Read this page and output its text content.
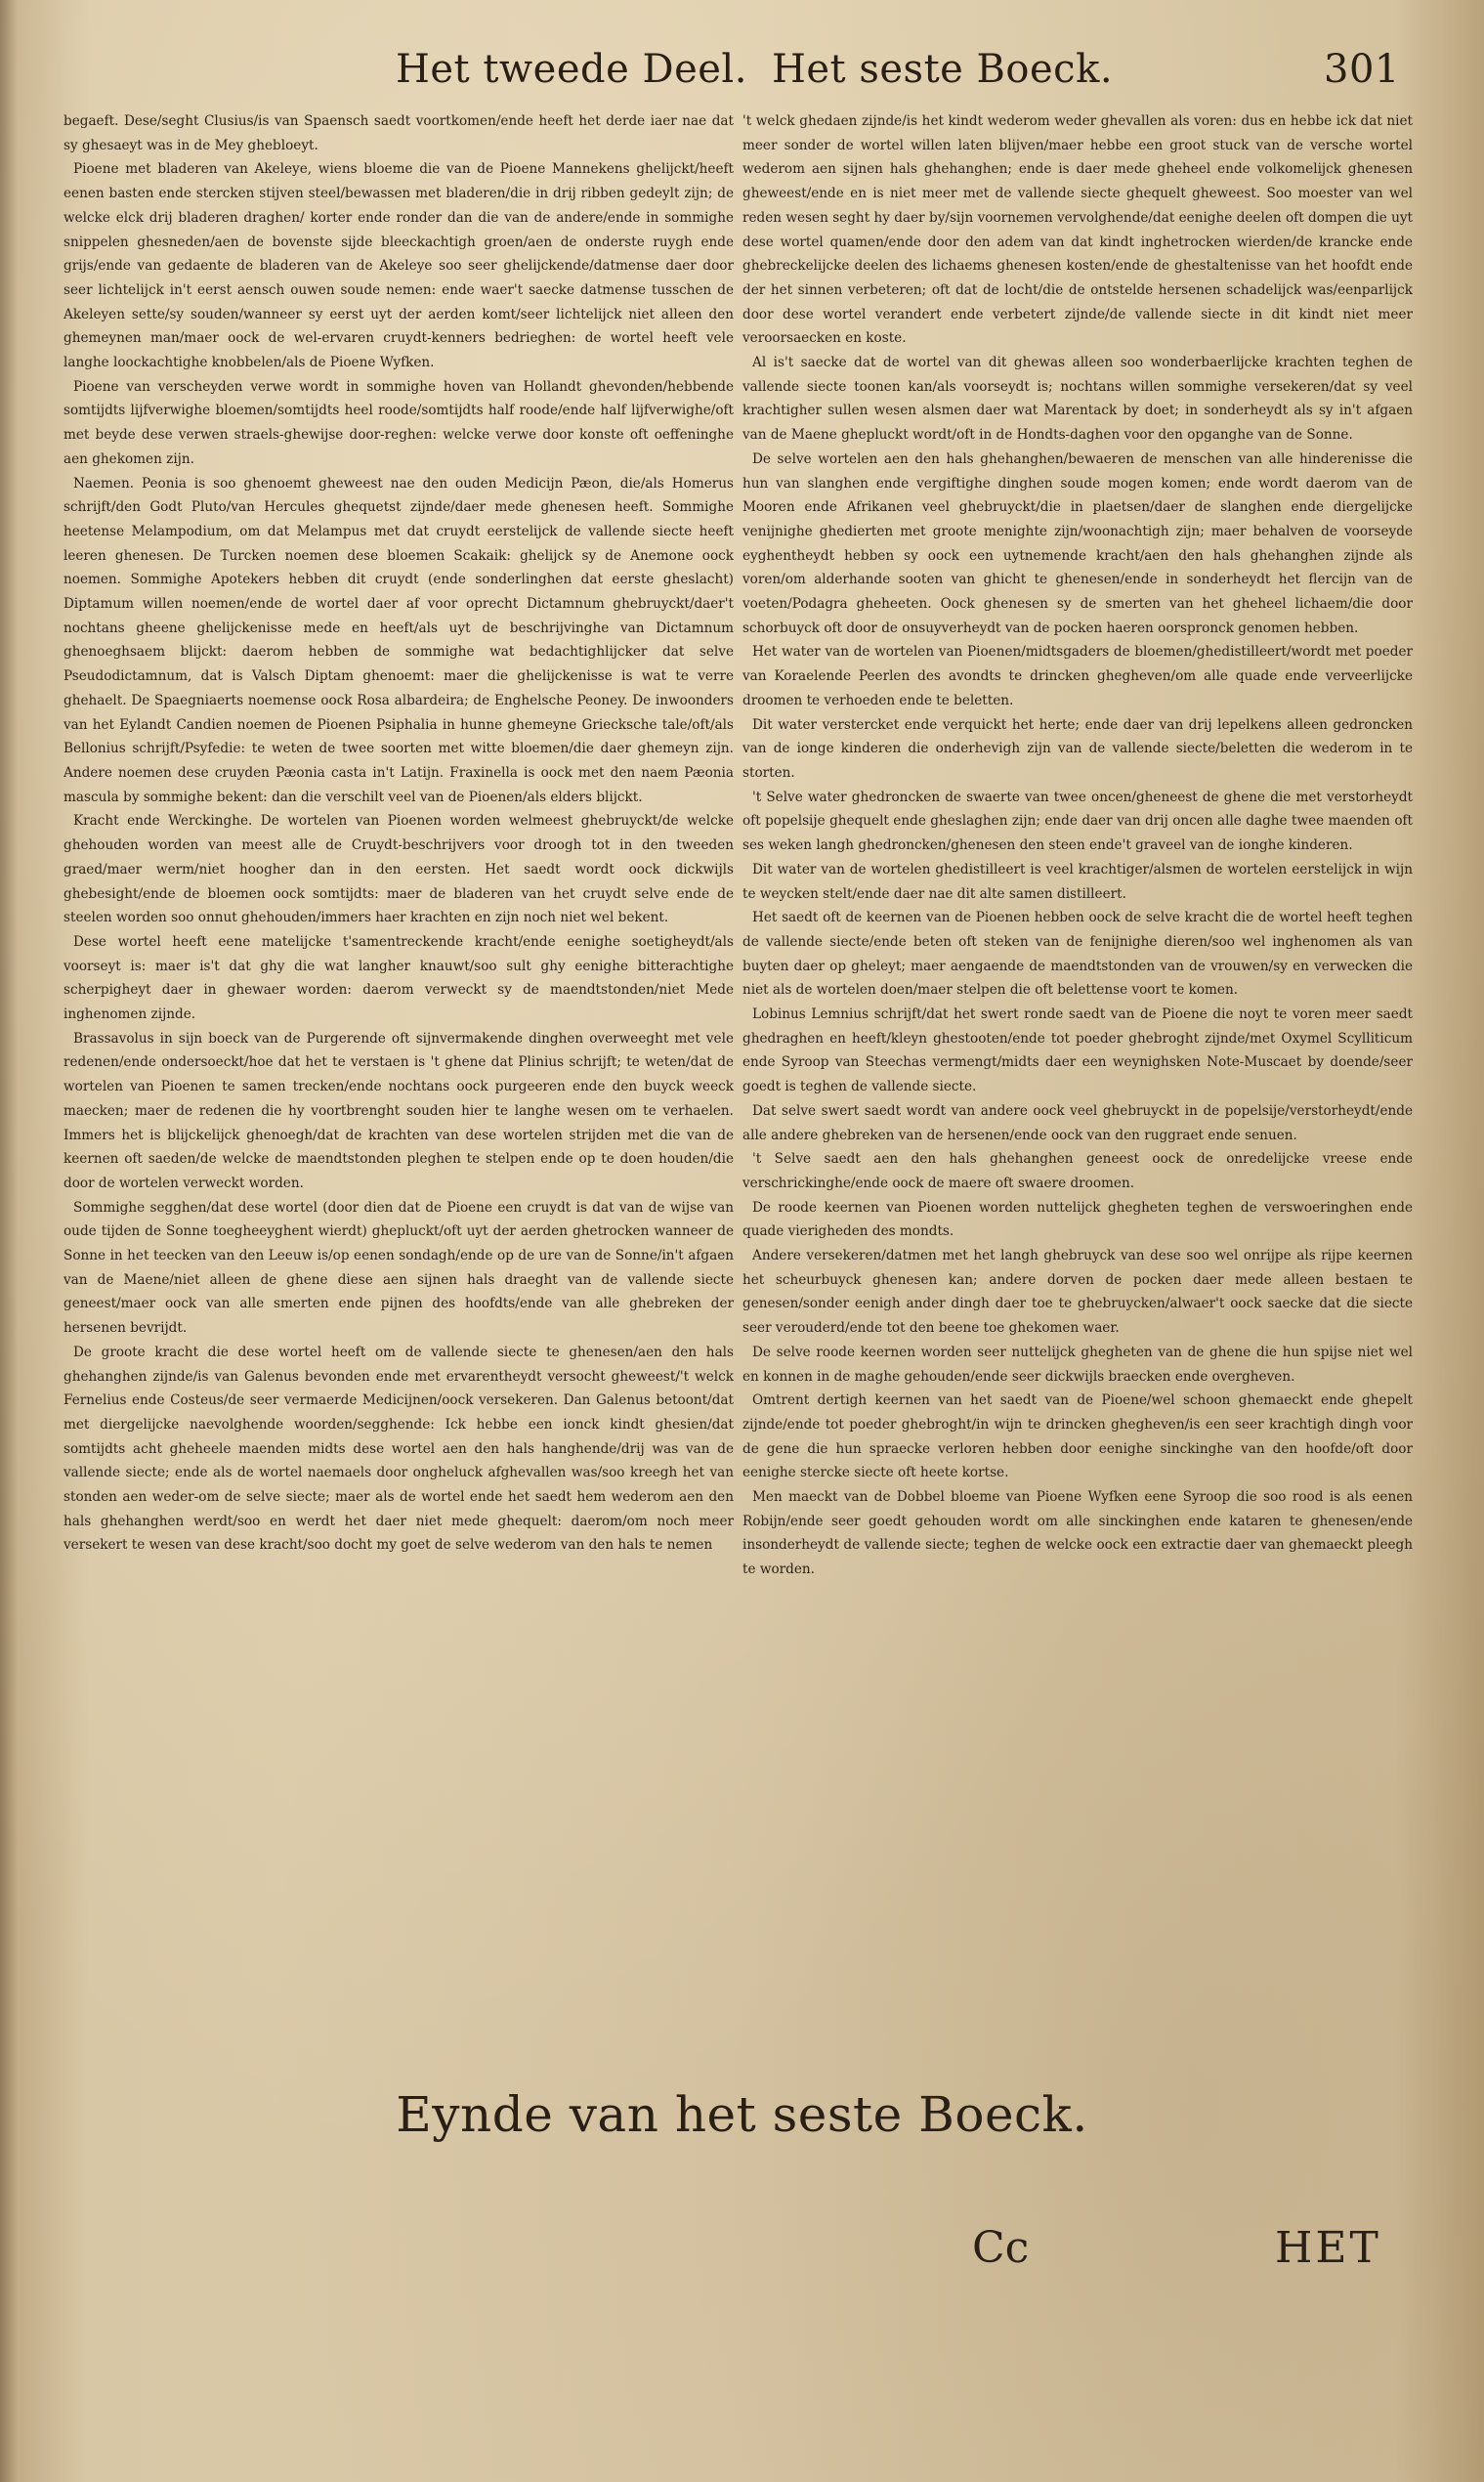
Het tweede Deel. Het seste Boeck.	301

begaeft. Dese/seght Clusius/is van Spaensch saedt voortkomen/ende heeft het derde iaer nae dat sy ghesaeyt was in de Mey ghebloeyt.

Pioene met bladeren van Akeleye, wiens bloeme die van de Pioene Mannekens ghelijckt/heeft eenen basten ende stercken stijven steel/bewassen met bladeren/die in drij ribben gedeylt zijn; de welcke elck drij bladeren draghen/ korter ende ronder dan die van de andere/ende in sommighe snippelen ghesneden/aen de bovenste sijde bleeckachtigh groen/aen de onderste ruygh ende grijs/ende van gedaente de bladeren van de Akeleye soo seer ghelijckende/datmense daer door seer lichtelijck in't eerst aensch ouwen soude nemen: ende waer't saecke datmense tusschen de Akeleyen sette/sy souden/wanneer sy eerst uyt der aerden komt/seer lichtelijck niet alleen den ghemeynen man/maer oock de wel-ervaren cruydt-kenners bedrieghen: de wortel heeft vele langhe loockachtighe knobbelen/als de Pioene Wyfken.

Pioene van verscheyden verwe wordt in sommighe hoven van Hollandt ghevonden/hebbende somtijdts lijfverwighe bloemen/somtijdts heel roode/somtijdts half roode/ende half lijfverwighe/oft met beyde dese verwen straels-ghewijse door-reghen: welcke verwe door konste oft oeffeninghe aen ghekomen zijn.

Naemen. Peonia is soo ghenoemt gheweest nae den ouden Medicijn Pæon, die/als Homerus schrijft/den Godt Pluto/van Hercules ghequetst zijnde/daer mede ghenesen heeft. Sommighe heetense Melampodium, om dat Melampus met dat cruydt eerstelijck de vallende siecte heeft leeren ghenesen. De Turcken noemen dese bloemen Scakaik: ghelijck sy de Anemone oock noemen. Sommighe Apotekers hebben dit cruydt (ende sonderlinghen dat eerste gheslacht) Diptamum willen noemen/ende de wortel daer af voor oprecht Dictamnum ghebruyckt/daer't nochtans gheene ghelijckenisse mede en heeft/als uyt de beschrijvinghe van Dictamnum ghenoeghsaem blijckt: daerom hebben de sommighe wat bedachtighlijcker dat selve Pseudodictamnum, dat is Valsch Diptam ghenoemt: maer die ghelijckenisse is wat te verre ghehaelt. De Spaegniaerts noemense oock Rosa albardeira; de Enghelsche Peoney. De inwoonders van het Eylandt Candien noemen de Pioenen Psiphalia in hunne ghemeyne Griecksche tale/oft/als Bellonius schrijft/Psyfedie: te weten de twee soorten met witte bloemen/die daer ghemeyn zijn. Andere noemen dese cruyden Pæonia casta in't Latijn. Fraxinella is oock met den naem Pæonia mascula by sommighe bekent: dan die verschilt veel van de Pioenen/als elders blijckt.

Kracht ende Werckinghe. De wortelen van Pioenen worden welmeest ghebruyckt/de welcke ghehouden worden van meest alle de Cruydt-beschrijvers voor droogh tot in den tweeden graed/maer werm/niet hoogher dan in den eersten. Het saedt wordt oock dickwijls ghebesight/ende de bloemen oock somtijdts: maer de bladeren van het cruydt selve ende de steelen worden soo onnut ghehouden/immers haer krachten en zijn noch niet wel bekent.

Dese wortel heeft eene matelijcke t'samentreckende kracht/ende eenighe soetigheydt/als voorseyt is: maer is't dat ghy die wat langher knauwt/soo sult ghy eenighe bitterachtighe scherpigheyt daer in ghewaer worden: daerom verweckt sy de maendtstonden/niet Mede inghenomen zijnde.

Brassavolus in sijn boeck van de Purgerende oft sijnvermakende dinghen overweeght met vele redenen/ende ondersoeckt/hoe dat het te verstaen is 't ghene dat Plinius schrijft; te weten/dat de wortelen van Pioenen te samen trecken/ende nochtans oock purgeeren ende den buyck weeck maecken; maer de redenen die hy voortbrenght souden hier te langhe wesen om te verhaelen. Immers het is blijckelijck ghenoegh/dat de krachten van dese wortelen strijden met die van de keernen oft saeden/de welcke de maendtstonden pleghen te stelpen ende op te doen houden/die door de wortelen verweckt worden.

Sommighe segghen/dat dese wortel (door dien dat de Pioene een cruydt is dat van de wijse van oude tijden de Sonne toegheeyghent wierdt) ghepluckt/oft uyt der aerden ghetrocken wanneer de Sonne in het teecken van den Leeuw is/op eenen sondagh/ende op de ure van de Sonne/in't afgaen van de Maene/niet alleen de ghene diese aen sijnen hals draeght van de vallende siecte geneest/maer oock van alle smerten ende pijnen des hoofdts/ende van alle ghebreken der hersenen bevrijdt.

De groote kracht die dese wortel heeft om de vallende siecte te ghenesen/aen den hals ghehanghen zijnde/is van Galenus bevonden ende met ervarentheydt versocht gheweest/'t welck Fernelius ende Costeus/de seer vermaerde Medicijnen/oock versekeren. Dan Galenus betoont/dat met diergelijcke naevolghende woorden/segghende: Ick hebbe een ionck kindt ghesien/dat somtijdts acht gheheele maenden midts dese wortel aen den hals hanghende/drij was van de vallende siecte; ende als de wortel naemaels door ongheluck afghevallen was/soo kreegh het van stonden aen weder-om de selve siecte; maer als de wortel ende het saedt hem wederom aen den hals ghehanghen werdt/soo en werdt het daer niet mede ghequelt: daerom/om noch meer versekert te wesen van dese kracht/soo docht my goet de selve wederom van den hals te nemen

't welck ghedaen zijnde/is het kindt wederom weder ghevallen als voren: dus en hebbe ick dat niet meer sonder de wortel willen laten blijven/maer hebbe een groot stuck van de versche wortel wederom aen sijnen hals ghehanghen; ende is daer mede gheheel ende volkomelijck ghenesen gheweest/ende en is niet meer met de vallende siecte ghequelt gheweest. Soo moester van wel reden wesen seght hy daer by/sijn voornemen vervolghende/dat eenighe deelen oft dompen die uyt dese wortel quamen/ende door den adem van dat kindt inghetrocken wierden/de krancke ende ghebreckelijcke deelen des lichaems ghenesen kosten/ende de ghestaltenisse van het hoofdt ende der het sinnen verbeteren; oft dat de locht/die de ontstelde hersenen schadelijck was/eenparlijck door dese wortel verandert ende verbetert zijnde/de vallende siecte in dit kindt niet meer veroorsaecken en koste.

Al is't saecke dat de wortel van dit ghewas alleen soo wonderbaerlijcke krachten teghen de vallende siecte toonen kan/als voorseydt is; nochtans willen sommighe versekeren/dat sy veel krachtigher sullen wesen alsmen daer wat Marentack by doet; in sonderheydt als sy in't afgaen van de Maene ghepluckt wordt/oft in de Hondts-daghen voor den opganghe van de Sonne.

De selve wortelen aen den hals ghehanghen/bewaeren de menschen van alle hinderenisse die hun van slanghen ende vergiftighe dinghen soude mogen komen; ende wordt daerom van de Mooren ende Afrikanen veel ghebruyckt/die in plaetsen/daer de slanghen ende diergelijcke venijnighe ghedierten met groote menighte zijn/woonachtigh zijn; maer behalven de voorseyde eyghentheydt hebben sy oock een uytnemende kracht/aen den hals ghehanghen zijnde als voren/om alderhande sooten van ghicht te ghenesen/ende in sonderheydt het flercijn van de voeten/Podagra gheheeten. Oock ghenesen sy de smerten van het gheheel lichaem/die door schorbuyck oft door de onsuyverheydt van de pocken haeren oorspronck genomen hebben.

Het water van de wortelen van Pioenen/midtsgaders de bloemen/ghedistilleert/wordt met poeder van Koraelende Peerlen des avondts te drincken ghegheven/om alle quade ende verveerlijcke droomen te verhoeden ende te beletten.

Dit water verstercket ende verquickt het herte; ende daer van drij lepelkens alleen gedroncken van de ionge kinderen die onderhevigh zijn van de vallende siecte/beletten die wederom in te storten.

't Selve water ghedroncken de swaerte van twee oncen/gheneest de ghene die met verstorheydt oft popelsije ghequelt ende gheslaghen zijn; ende daer van drij oncen alle daghe twee maenden oft ses weken langh ghedroncken/ghenesen den steen ende't graveel van de ionghe kinderen.

Dit water van de wortelen ghedistilleert is veel krachtiger/alsmen de wortelen eerstelijck in wijn te weycken stelt/ende daer nae dit alte samen distilleert.

Het saedt oft de keernen van de Pioenen hebben oock de selve kracht die de wortel heeft teghen de vallende siecte/ende beten oft steken van de fenijnighe dieren/soo wel inghenomen als van buyten daer op gheleyt; maer aengaende de maendtstonden van de vrouwen/sy en verwecken die niet als de wortelen doen/maer stelpen die oft belettense voort te komen.

Lobinus Lemnius schrijft/dat het swert ronde saedt van de Pioene die noyt te voren meer saedt ghedraghen en heeft/kleyn ghestooten/ende tot poeder ghebroght zijnde/met Oxymel Scylliticum ende Syroop van Steechas vermengt/midts daer een weynighsken Note-Muscaet by doende/seer goedt is teghen de vallende siecte.

Dat selve swert saedt wordt van andere oock veel ghebruyckt in de popelsije/verstorheydt/ende alle andere ghebreken van de hersenen/ende oock van den ruggraet ende senuen.

't Selve saedt aen den hals ghehanghen geneest oock de onredelijcke vreese ende verschrickinghe/ende oock de maere oft swaere droomen.

De roode keernen van Pioenen worden nuttelijck ghegheten teghen de verswoeringhen ende quade vierigheden des mondts.

Andere versekeren/datmen met het langh ghebruyck van dese soo wel onrijpe als rijpe keernen het scheurbuyck ghenesen kan; andere dorven de pocken daer mede alleen bestaen te genesen/sonder eenigh ander dingh daer toe te ghebruycken/alwaer't oock saecke dat die siecte seer verouderd/ende tot den beene toe ghekomen waer.

De selve roode keernen worden seer nuttelijck ghegheten van de ghene die hun spijse niet wel en konnen in de maghe gehouden/ende seer dickwijls braecken ende overgheven.

Omtrent dertigh keernen van het saedt van de Pioene/wel schoon ghemaeckt ende ghepelt zijnde/ende tot poeder ghebroght/in wijn te drincken ghegheven/is een seer krachtigh dingh voor de gene die hun spraecke verloren hebben door eenighe sinckinghe van den hoofde/oft door eenighe stercke siecte oft heete kortse.

Men maeckt van de Dobbel bloeme van Pioene Wyfken eene Syroop die soo rood is als eenen Robijn/ende seer goedt gehouden wordt om alle sinckinghen ende kataren te ghenesen/ende insonderheydt de vallende siecte; teghen de welcke oock een extractie daer van ghemaeckt pleegh te worden.

Eynde van het seste Boeck.
Cc	HET
